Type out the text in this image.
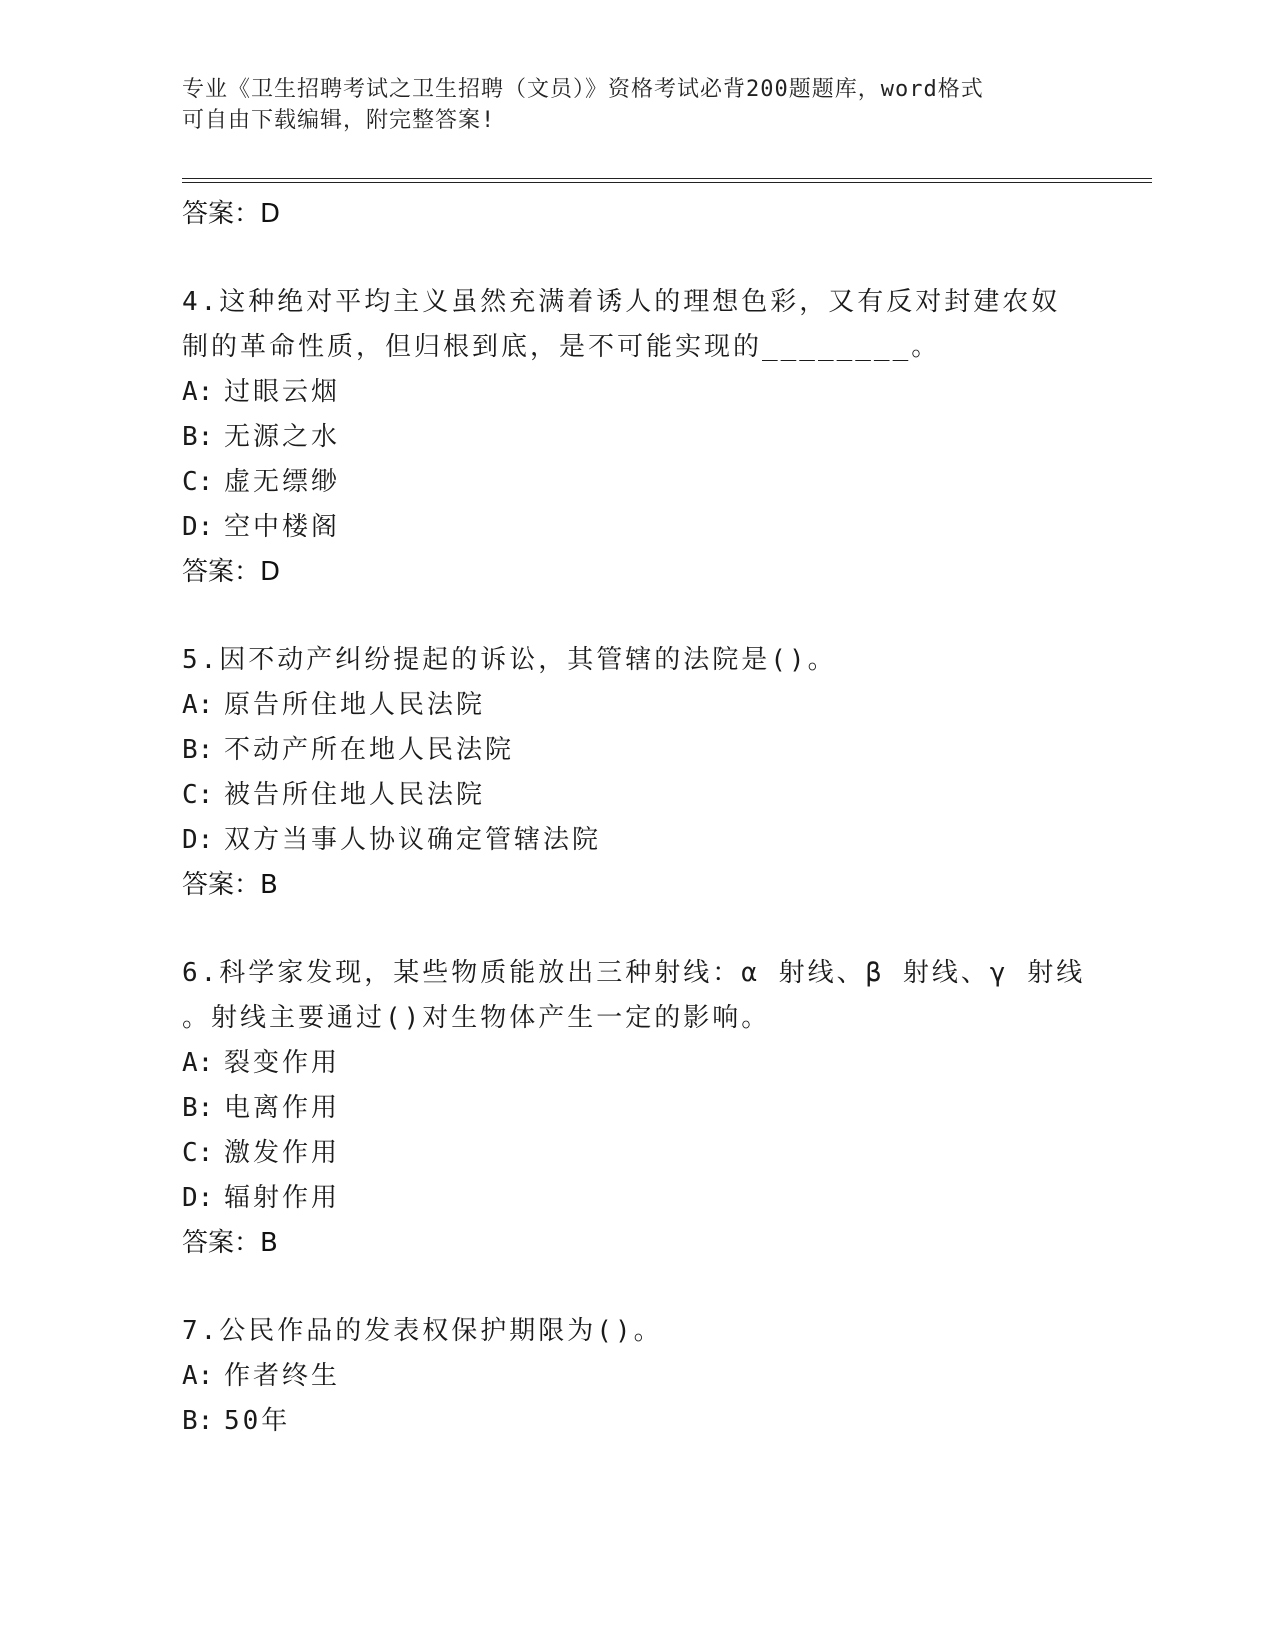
专业《卫生招聘考试之卫生招聘（文员）》资格考试必背200题题库，word格式
可自由下载编辑，附完整答案!
答案：D
4.这种绝对平均主义虽然充满着诱人的理想色彩，又有反对封建农奴
制的革命性质，但归根到底，是不可能实现的________。
A: 过眼云烟
B: 无源之水
C: 虚无缥缈
D: 空中楼阁
答案：D
5.因不动产纠纷提起的诉讼，其管辖的法院是()。
A: 原告所住地人民法院
B: 不动产所在地人民法院
C: 被告所住地人民法院
D: 双方当事人协议确定管辖法院
答案：B
6.科学家发现，某些物质能放出三种射线：α 射线、β 射线、γ 射线
。射线主要通过()对生物体产生一定的影响。
A: 裂变作用
B: 电离作用
C: 激发作用
D: 辐射作用
答案：B
7.公民作品的发表权保护期限为()。
A: 作者终生
B: 50年
